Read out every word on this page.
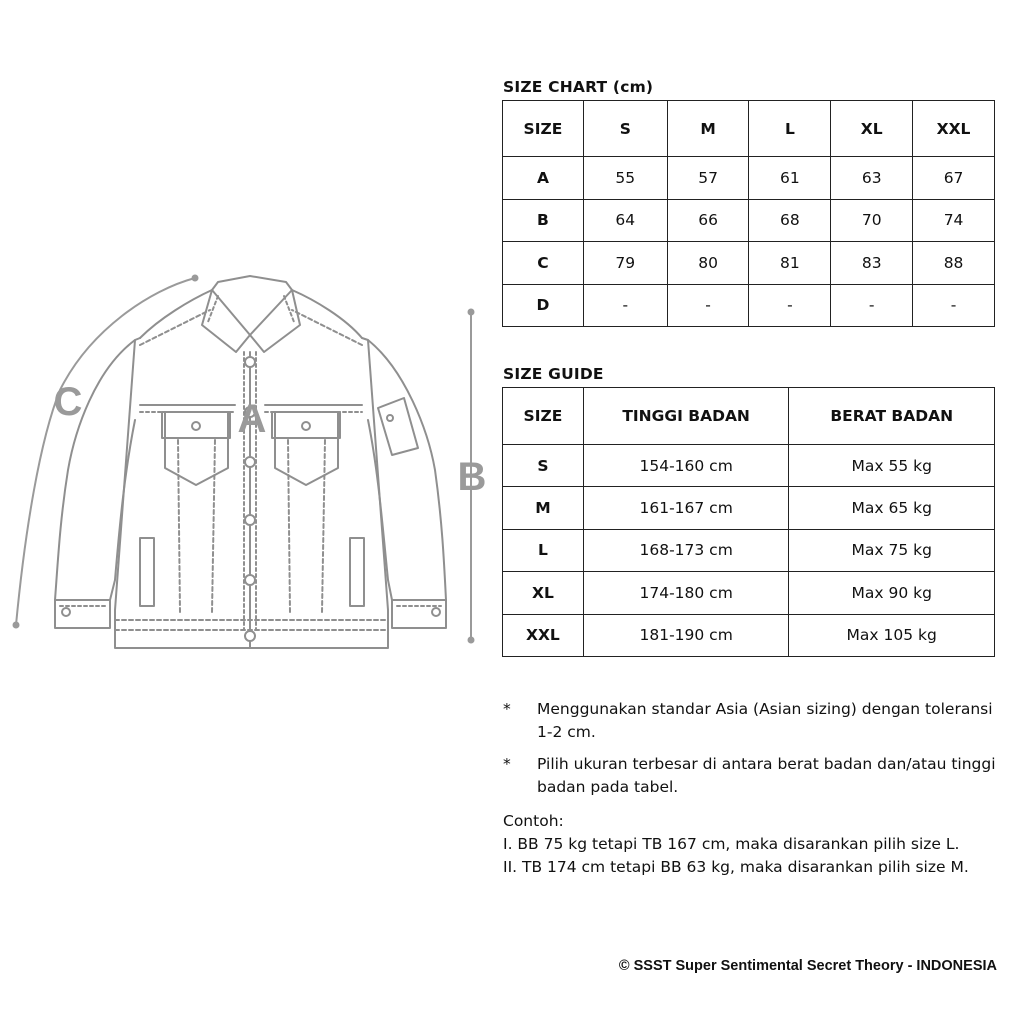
A
B
C
SIZE CHART (cm)
SIZE	S	M	L	XL	XXL
A	55	57	61	63	67
B	64	66	68	70	74
C	79	80	81	83	88
D	-	-	-	-	-
SIZE GUIDE
SIZE	TINGGI BADAN	BERAT BADAN
S	154-160 cm	Max 55 kg
M	161-167 cm	Max 65 kg
L	168-173 cm	Max 75 kg
XL	174-180 cm	Max 90 kg
XXL	181-190 cm	Max 105 kg
*	Menggunakan standar Asia (Asian sizing) dengan toleransi 1-2 cm.
*	Pilih ukuran terbesar di antara berat badan dan/atau tinggi badan pada tabel.
Contoh:
I. BB 75 kg tetapi TB 167 cm, maka disarankan pilih size L.
II. TB 174 cm tetapi BB 63 kg, maka disarankan pilih size M.
© SSST Super Sentimental Secret Theory - INDONESIA
